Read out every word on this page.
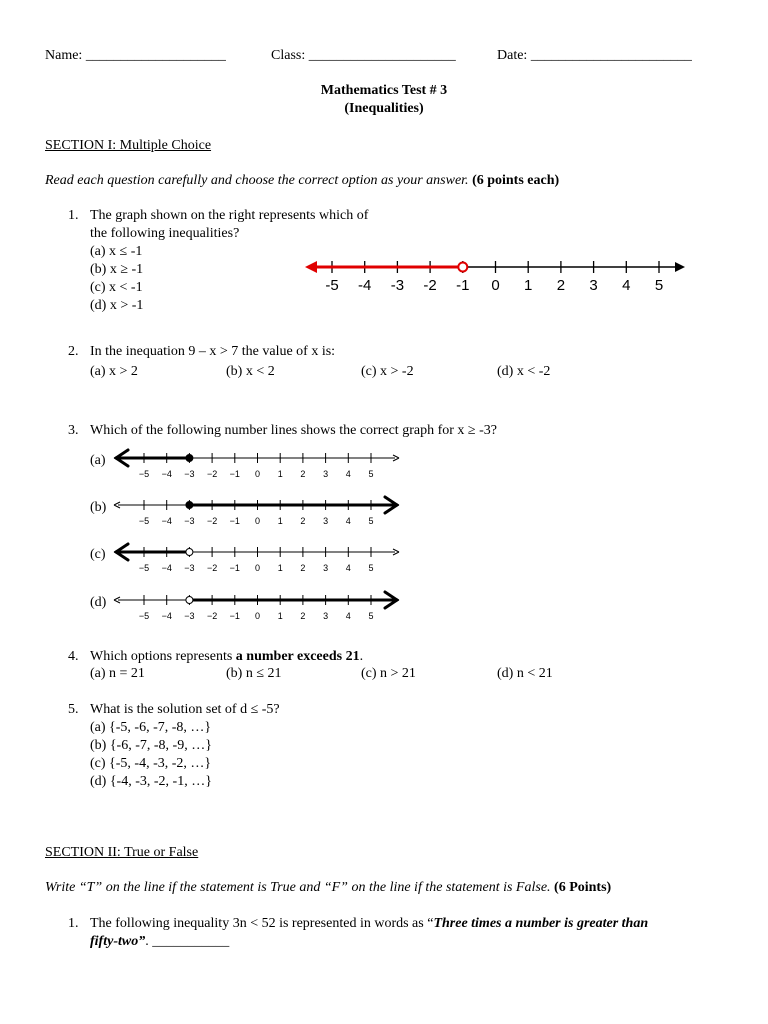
Name: ____________________	Class: _____________________	Date: _______________________
Mathematics Test # 3
(Inequalities)
SECTION I: Multiple Choice
Read each question carefully and choose the correct option as your answer. (6 points each)
1. The graph shown on the right represents which of
the following inequalities?
(a) x ≤ -1
(b) x ≥ -1
(c) x < -1
(d) x > -1
-5 -4 -3 -2 -1 0 1 2 3 4 5
2. In the inequation 9 – x > 7 the value of x is:
(a) x > 2	(b) x < 2	(c) x > -2	(d) x < -2
3. Which of the following number lines shows the correct graph for x ≥ -3?
(a)
(b)
(c)
(d)
−5 −4 −3 −2 −1 0 1 2 3 4 5
−5 −4 −3 −2 −1 0 1 2 3 4 5
−5 −4 −3 −2 −1 0 1 2 3 4 5
−5 −4 −3 −2 −1 0 1 2 3 4 5
4. Which options represents a number exceeds 21.
(a) n = 21	(b) n ≤ 21	(c) n > 21	(d) n < 21
5. What is the solution set of d ≤ -5?
(a) {-5, -6, -7, -8, …}
(b) {-6, -7, -8, -9, …}
(c) {-5, -4, -3, -2, …}
(d) {-4, -3, -2, -1, …}
SECTION II: True or False
Write “T” on the line if the statement is True and “F” on the line if the statement is False. (6 Points)
1. The following inequality 3n < 52 is represented in words as “Three times a number is greater than
fifty-two”. ___________
